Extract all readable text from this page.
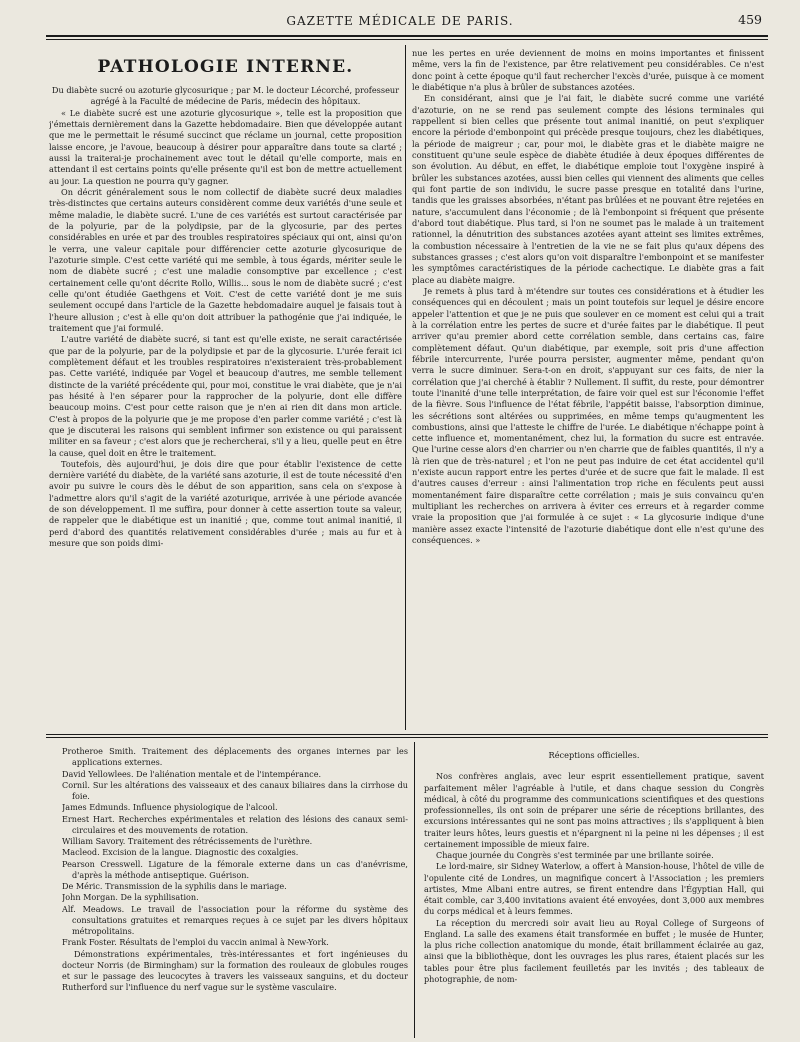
GAZETTE MÉDICALE DE PARIS.	459
PATHOLOGIE INTERNE.

Du diabète sucré ou azoturie glycosurique ; par M. le docteur Lécorché, professeur agrégé à la Faculté de médecine de Paris, médecin des hôpitaux.

« Le diabète sucré est une azoturie glycosurique », telle est la proposition que j'émettais dernièrement dans la Gazette hebdomadaire. Bien que développée autant que me le permettait le résumé succinct que réclame un journal, cette proposition laisse encore, je l'avoue, beaucoup à désirer pour apparaître dans toute sa clarté ; aussi la traiterai-je prochainement avec tout le détail qu'elle comporte, mais en attendant il est certains points qu'elle présente qu'il est bon de mettre actuellement au jour. La question ne pourra qu'y gagner.

On décrit généralement sous le nom collectif de diabète sucré deux maladies très-distinctes que certains auteurs considèrent comme deux variétés d'une seule et même maladie, le diabète sucré. L'une de ces variétés est surtout caractérisée par de la polyurie, par de la polydipsie, par de la glycosurie, par des pertes considérables en urée et par des troubles respiratoires spéciaux qui ont, ainsi qu'on le verra, une valeur capitale pour différencier cette azoturie glycosurique de l'azoturie simple. C'est cette variété qui me semble, à tous égards, mériter seule le nom de diabète sucré ; c'est une maladie consomptive par excellence ; c'est certainement celle qu'ont décrite Rollo, Willis... sous le nom de diabète sucré ; c'est celle qu'ont étudiée Gaethgens et Voit. C'est de cette variété dont je me suis seulement occupé dans l'article de la Gazette hebdomadaire auquel je faisais tout à l'heure allusion ; c'est à elle qu'on doit attribuer la pathogénie que j'ai indiquée, le traitement que j'ai formulé.

L'autre variété de diabète sucré, si tant est qu'elle existe, ne serait caractérisée que par de la polyurie, par de la polydipsie et par de la glycosurie. L'urée ferait ici complètement défaut et les troubles respiratoires n'existeraient très-probablement pas. Cette variété, indiquée par Vogel et beaucoup d'autres, me semble tellement distincte de la variété précédente qui, pour moi, constitue le vrai diabète, que je n'ai pas hésité à l'en séparer pour la rapprocher de la polyurie, dont elle diffère beaucoup moins. C'est pour cette raison que je n'en ai rien dit dans mon article. C'est à propos de la polyurie que je me propose d'en parler comme variété ; c'est là que je discuterai les raisons qui semblent infirmer son existence ou qui paraissent militer en sa faveur ; c'est alors que je rechercherai, s'il y a lieu, quelle peut en être la cause, quel doit en être le traitement.

Toutefois, dès aujourd'hui, je dois dire que pour établir l'existence de cette dernière variété du diabète, de la variété sans azoturie, il est de toute nécessité d'en avoir pu suivre le cours dès le début de son apparition, sans cela on s'expose à l'admettre alors qu'il s'agit de la variété azoturique, arrivée à une période avancée de son développement. Il me suffira, pour donner à cette assertion toute sa valeur, de rappeler que le diabétique est un inanitié ; que, comme tout animal inanitié, il perd d'abord des quantités relativement considérables d'urée ; mais au fur et à mesure que son poids dimi-

nue les pertes en urée deviennent de moins en moins importantes et finissent même, vers la fin de l'existence, par être relativement peu considérables. Ce n'est donc point à cette époque qu'il faut rechercher l'excès d'urée, puisque à ce moment le diabétique n'a plus à brûler de substances azotées.

En considérant, ainsi que je l'ai fait, le diabète sucré comme une variété d'azoturie, on ne se rend pas seulement compte des lésions terminales qui rappellent si bien celles que présente tout animal inanitié, on peut s'expliquer encore la période d'embonpoint qui précède presque toujours, chez les diabétiques, la période de maigreur ; car, pour moi, le diabète gras et le diabète maigre ne constituent qu'une seule espèce de diabète étudiée à deux époques différentes de son évolution. Au début, en effet, le diabétique emploie tout l'oxygène inspiré à brûler les substances azotées, aussi bien celles qui viennent des aliments que celles qui font partie de son individu, le sucre passe presque en totalité dans l'urine, tandis que les graisses absorbées, n'étant pas brûlées et ne pouvant être rejetées en nature, s'accumulent dans l'économie ; de là l'embonpoint si fréquent que présente d'abord tout diabétique. Plus tard, si l'on ne soumet pas le malade à un traitement rationnel, la dénutrition des substances azotées ayant atteint ses limites extrêmes, la combustion nécessaire à l'entretien de la vie ne se fait plus qu'aux dépens des substances grasses ; c'est alors qu'on voit disparaître l'embonpoint et se manifester les symptômes caractéristiques de la période cachectique. Le diabète gras a fait place au diabète maigre.

Je remets à plus tard à m'étendre sur toutes ces considérations et à étudier les conséquences qui en découlent ; mais un point toutefois sur lequel je désire encore appeler l'attention et que je ne puis que soulever en ce moment est celui qui a trait à la corrélation entre les pertes de sucre et d'urée faites par le diabétique. Il peut arriver qu'au premier abord cette corrélation semble, dans certains cas, faire complètement défaut. Qu'un diabétique, par exemple, soit pris d'une affection fébrile intercurrente, l'urée pourra persister, augmenter même, pendant qu'on verra le sucre diminuer. Sera-t-on en droit, s'appuyant sur ces faits, de nier la corrélation que j'ai cherché à établir ? Nullement. Il suffit, du reste, pour démontrer toute l'inanité d'une telle interprétation, de faire voir quel est sur l'économie l'effet de la fièvre. Sous l'influence de l'état fébrile, l'appétit baisse, l'absorption diminue, les sécrétions sont altérées ou supprimées, en même temps qu'augmentent les combustions, ainsi que l'atteste le chiffre de l'urée. Le diabétique n'échappe point à cette influence et, momentanément, chez lui, la formation du sucre est entravée. Que l'urine cesse alors d'en charrier ou n'en charrie que de faibles quantités, il n'y a là rien que de très-naturel ; et l'on ne peut pas induire de cet état accidentel qu'il n'existe aucun rapport entre les pertes d'urée et de sucre que fait le malade. Il est d'autres causes d'erreur : ainsi l'alimentation trop riche en féculents peut aussi momentanément faire disparaître cette corrélation ; mais je suis convaincu qu'en multipliant les recherches on arrivera à éviter ces erreurs et à regarder comme vraie la proposition que j'ai formulée à ce sujet : « La glycosurie indique d'une manière assez exacte l'intensité de l'azoturie diabétique dont elle n'est qu'une des conséquences. »

Protheroe Smith. Traitement des déplacements des organes internes par les applications externes.

David Yellowlees. De l'aliénation mentale et de l'intempérance.

Cornil. Sur les altérations des vaisseaux et des canaux biliaires dans la cirrhose du foie.

James Edmunds. Influence physiologique de l'alcool.

Ernest Hart. Recherches expérimentales et relation des lésions des canaux semi-circulaires et des mouvements de rotation.

William Savory. Traitement des rétrécissements de l'urèthre.

Macleod. Excision de la langue. Diagnostic des coxalgies.

Pearson Cresswell. Ligature de la fémorale externe dans un cas d'anévrisme, d'après la méthode antiseptique. Guérison.

De Méric. Transmission de la syphilis dans le mariage.

John Morgan. De la syphilisation.

Alf. Meadows. Le travail de l'association pour la réforme du système des consultations gratuites et remarques reçues à ce sujet par les divers hôpitaux métropolitains.

Frank Foster. Résultats de l'emploi du vaccin animal à New-York.

Démonstrations expérimentales, très-intéressantes et fort ingénieuses du docteur Norris (de Birmingham) sur la formation des rouleaux de globules rouges et sur le passage des leucocytes à travers les vaisseaux sanguins, et du docteur Rutherford sur l'influence du nerf vague sur le système vasculaire.

Réceptions officielles.

Nos confrères anglais, avec leur esprit essentiellement pratique, savent parfaitement mêler l'agréable à l'utile, et dans chaque session du Congrès médical, à côté du programme des communications scientifiques et des questions professionnelles, ils ont soin de préparer une série de réceptions brillantes, des excursions intéressantes qui ne sont pas moins attractives ; ils s'appliquent à bien traiter leurs hôtes, leurs guestis et n'épargnent ni la peine ni les dépenses ; il est certainement impossible de mieux faire.

Chaque journée du Congrès s'est terminée par une brillante soirée.

Le lord-maire, sir Sidney Waterlow, a offert à Mansion-house, l'hôtel de ville de l'opulente cité de Londres, un magnifique concert à l'Association ; les premiers artistes, Mme Albani entre autres, se firent entendre dans l'Égyptian Hall, qui était comble, car 3,400 invitations avaient été envoyées, dont 3,000 aux membres du corps médical et à leurs femmes.

La réception du mercredi soir avait lieu au Royal College of Surgeons of England. La salle des examens était transformée en buffet ; le musée de Hunter, la plus riche collection anatomique du monde, était brillamment éclairée au gaz, ainsi que la bibliothèque, dont les ouvrages les plus rares, étaient placés sur les tables pour être plus facilement feuilletés par les invités ; des tableaux de photographie, de nom-
